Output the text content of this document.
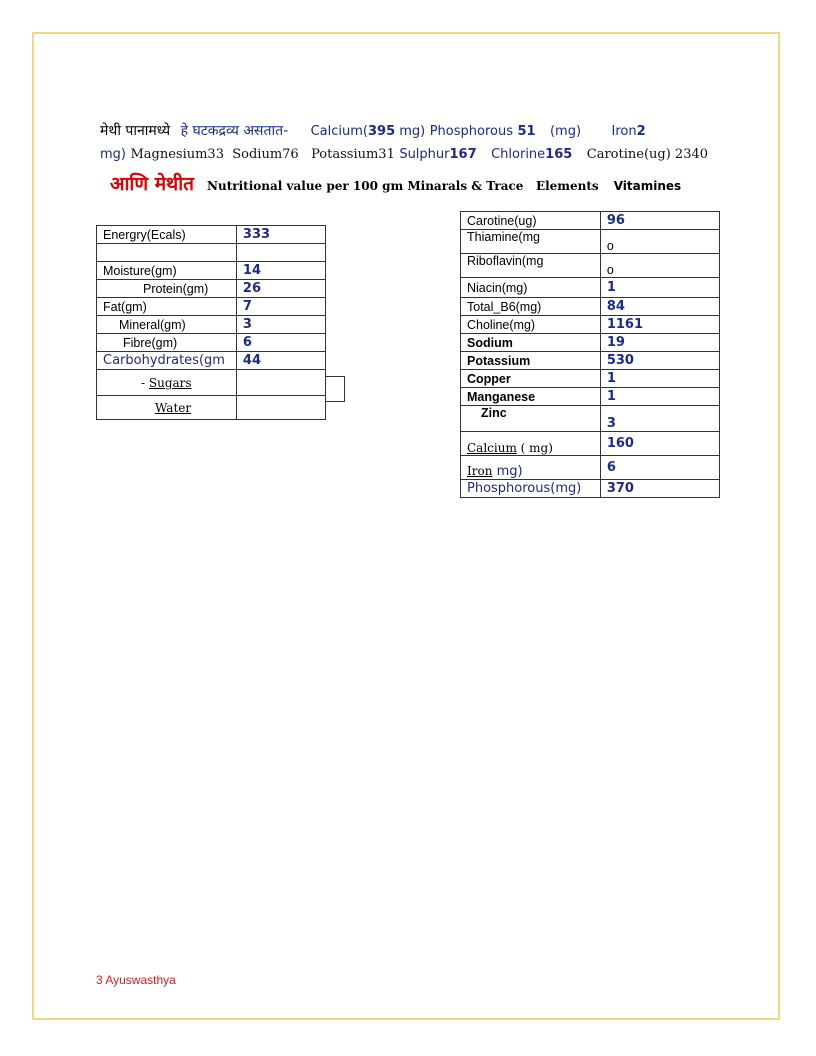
मेथी पानामध्ये हे घटकद्रव्य असतात- Calcium(395 mg) Phosphorous 51 (mg) Iron2
mg) Magnesium33  Sodium76   Potassium31 Sulphur167 Chlorine165 Carotine(ug) 2340
आणि मेथीत Nutritional value per 100 gm Minarals & Trace   Elements Vitamines
Energry(Ecals)	333

Moisture(gm)	14
Protein(gm)	26
Fat(gm)	7
Mineral(gm)	3
Fibre(gm)	6
Carbohydrates(gm	44
- Sugars	
Water	
Carotine(ug)	96
Thiamine(mg	o
Riboflavin(mg	o
Niacin(mg)	1
Total_B6(mg)	84
Choline(mg)	1161
Sodium	19
Potassium	530
Copper	1
Manganese	1
Zinc	3
Calcium ( mg)	160
Iron mg)	6
Phosphorous(mg)	370
3 Ayuswasthya
